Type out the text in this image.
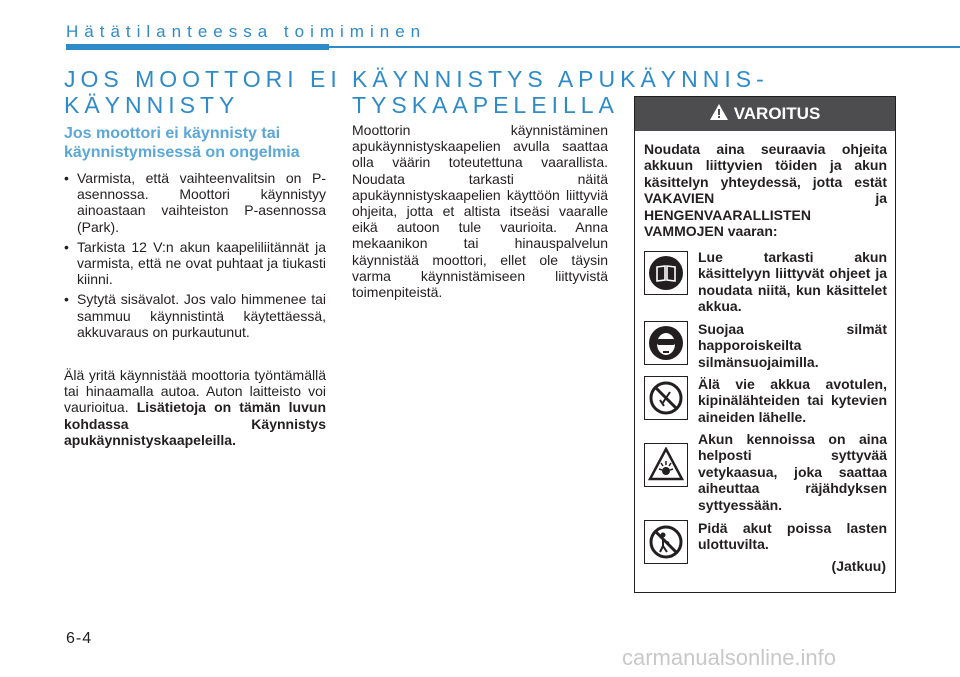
Hätätilanteessa toimiminen
JOS MOOTTORI EI
KÄYNNISTY
Jos moottori ei käynnisty tai käynnistymisessä on ongelmia
• Varmista, että vaihteenvalitsin on P-asennossa. Moottori käynnistyy ainoastaan vaihteiston P-asennossa (Park).
• Tarkista 12 V:n akun kaapeliliitännät ja varmista, että ne ovat puhtaat ja tiukasti kiinni.
• Sytytä sisävalot. Jos valo himmenee tai sammuu käynnistintä käytettäessä, akkuvaraus on purkautunut.
Älä yritä käynnistää moottoria työntämällä tai hinaamalla autoa. Auton laitteisto voi vaurioitua. Lisätietoja on tämän luvun kohdassa Käynnistys apukäynnistyskaapeleilla.
KÄYNNISTYS APUKÄYNNIS-
TYSKAAPELEILLA
Moottorin käynnistäminen apukäynnistyskaapelien avulla saattaa olla väärin toteutettuna vaarallista. Noudata tarkasti näitä apukäynnistyskaapelien käyttöön liittyviä ohjeita, jotta et altista itseäsi vaaralle eikä autoon tule vaurioita. Anna mekaanikon tai hinauspalvelun käynnistää moottori, ellet ole täysin varma käynnistämiseen liittyvistä toimenpiteistä.
VAROITUS
Noudata aina seuraavia ohjeita akkuun liittyvien töiden ja akun käsittelyn yhteydessä, jotta estät VAKAVIEN ja HENGENVAARALLISTEN VAMMOJEN vaaran:
Lue tarkasti akun käsittelyyn liittyvät ohjeet ja noudata niitä, kun käsittelet akkua.
Suojaa silmät happoroiskeilta silmänsuojaimilla.
Älä vie akkua avotulen, kipinälähteiden tai kytevien aineiden lähelle.
Akun kennoissa on aina helposti syttyvää vetykaasua, joka saattaa aiheuttaa räjähdyksen syttyessään.
Pidä akut poissa lasten ulottuvilta.
(Jatkuu)
6-4
carmanualsonline.info
